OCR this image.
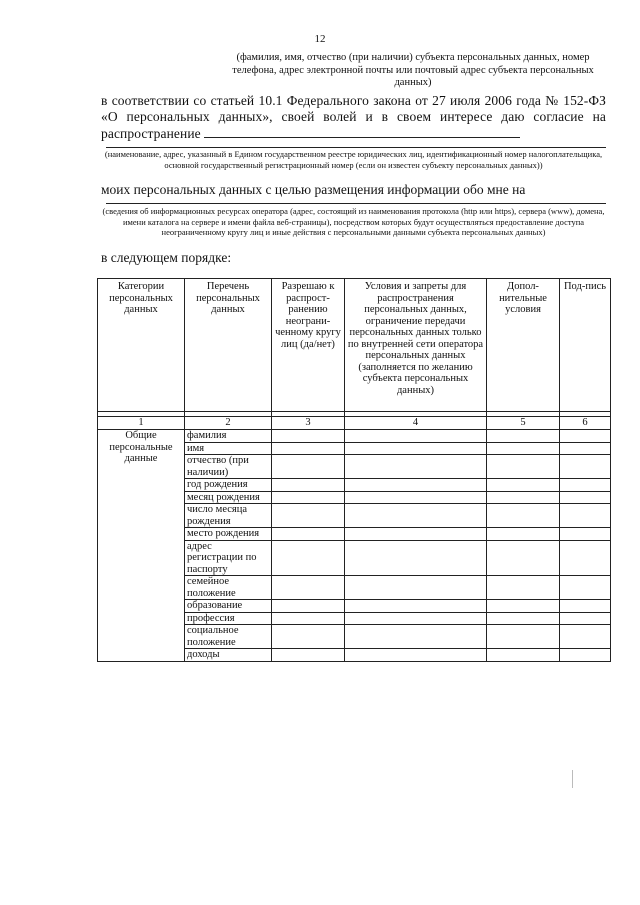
12
(фамилия, имя, отчество (при наличии) субъекта персональных данных, номер телефона, адрес электронной почты или почтовый адрес субъекта персональных данных)
в соответствии со статьей 10.1 Федерального закона от 27 июля 2006 года № 152-ФЗ «О персональных данных», своей волей и в своем интересе даю согласие на распространение
(наименование, адрес, указанный в Едином государственном реестре юридических лиц, идентификационный номер налогоплательщика, основной государственный регистрационный номер (если он известен субъекту персональных данных))
моих персональных данных с целью размещения информации обо мне на
(сведения об информационных ресурсах оператора (адрес, состоящий из наименования протокола (http или https), сервера (www), домена, имени каталога на сервере и имени файла веб-страницы), посредством которых будут осуществляться предоставление доступа неограниченному кругу лиц и иные действия с персональными данными субъекта персональных данных)
в следующем порядке:
Категории персональных данных	Перечень персональных данных	Разрешаю к распрост-ранению неограни-ченному кругу лиц (да/нет)	Условия и запреты для распространения персональных данных, ограничение передачи персональных данных только по внутренней сети оператора персональных данных (заполняется по желанию субъекта персональных данных)	Допол-нительные условия	Под-пись

1	2	3	4	5	6
Общие персональные данные	фамилия				
	имя				
	отчество (при наличии)				
	год рождения				
	месяц рождения				
	число месяца рождения				
	место рождения				
	адрес регистрации по паспорту				
	семейное положение				
	образование				
	профессия				
	социальное положение				
	доходы				
